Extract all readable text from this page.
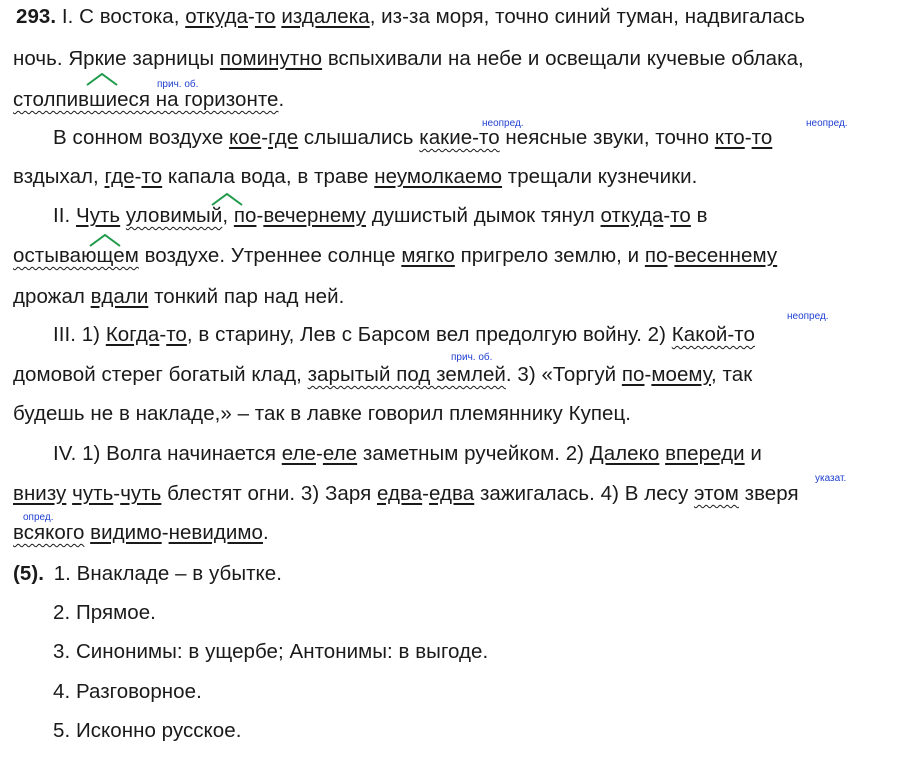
293. I. С востока, откуда-то издалека, из-за моря, точно синий туман, надвигалась
ночь. Яркие зарницы поминутно вспыхивали на небе и освещали кучевые облака,
столпившиеся на горизонте.
В сонном воздухе кое-где слышались какие-то неясные звуки, точно кто-то
вздыхал, где-то капала вода, в траве неумолкаемо трещали кузнечики.
II. Чуть уловимый, по-вечернему душистый дымок тянул откуда-то в
остывающем воздухе. Утреннее солнце мягко пригрело землю, и по-весеннему
дрожал вдали тонкий пар над ней.
III. 1) Когда-то, в старину, Лев с Барсом вел предолгую войну. 2) Какой-то
домовой стерег богатый клад, зарытый под землей. 3) «Торгуй по-моему, так
будешь не в накладе,» – так в лавке говорил племяннику Купец.
IV. 1) Волга начинается еле-еле заметным ручейком. 2) Далеко впереди и
внизу чуть-чуть блестят огни. 3) Заря едва-едва зажигалась. 4) В лесу этом зверя
всякого видимо-невидимо.
прич. об.
неопред.	неопред.
неопред.
прич. об.
указат.
опред.
(5). 1. Внакладе – в убытке.
2. Прямое.
3. Синонимы: в ущербе; Антонимы: в выгоде.
4. Разговорное.
5. Исконно русское.
